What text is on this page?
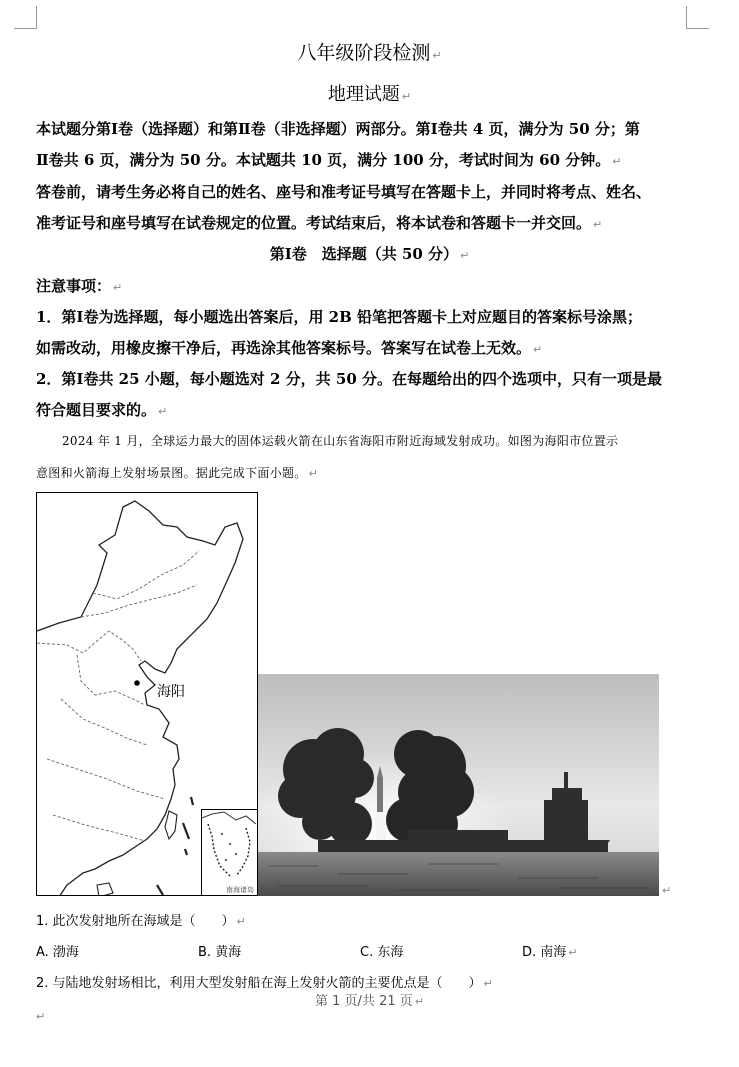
八年级阶段检测 ↵
地理试题 ↵
本试题分第Ⅰ卷（选择题）和第Ⅱ卷（非选择题）两部分。第Ⅰ卷共 4 页，满分为 50 分；第
Ⅱ卷共 6 页，满分为 50 分。本试题共 10 页，满分 100 分，考试时间为 60 分钟。 ↵
答卷前，请考生务必将自己的姓名、座号和准考证号填写在答题卡上，并同时将考点、姓名、
准考证号和座号填写在试卷规定的位置。考试结束后，将本试卷和答题卡一并交回。 ↵
第Ⅰ卷　选择题（共 50 分） ↵
注意事项： ↵
1．第Ⅰ卷为选择题，每小题选出答案后，用 2B 铅笔把答题卡上对应题目的答案标号涂黑；
如需改动，用橡皮擦干净后，再选涂其他答案标号。答案写在试卷上无效。 ↵
2．第Ⅰ卷共 25 小题，每小题选对 2 分，共 50 分。在每题给出的四个选项中，只有一项是最
符合题目要求的。 ↵
2024 年 1 月，全球运力最大的固体运载火箭在山东省海阳市附近海域发射成功。如图为海阳市位置示
意图和火箭海上发射场景图。据此完成下面小题。 ↵
海阳
南海诸岛	↵
1. 此次发射地所在海域是（　　） ↵
A. 渤海	B. 黄海	C. 东海	D. 南海 ↵
2. 与陆地发射场相比，利用大型发射船在海上发射火箭的主要优点是（　　） ↵
第 1 页/共 21 页 ↵
↵
